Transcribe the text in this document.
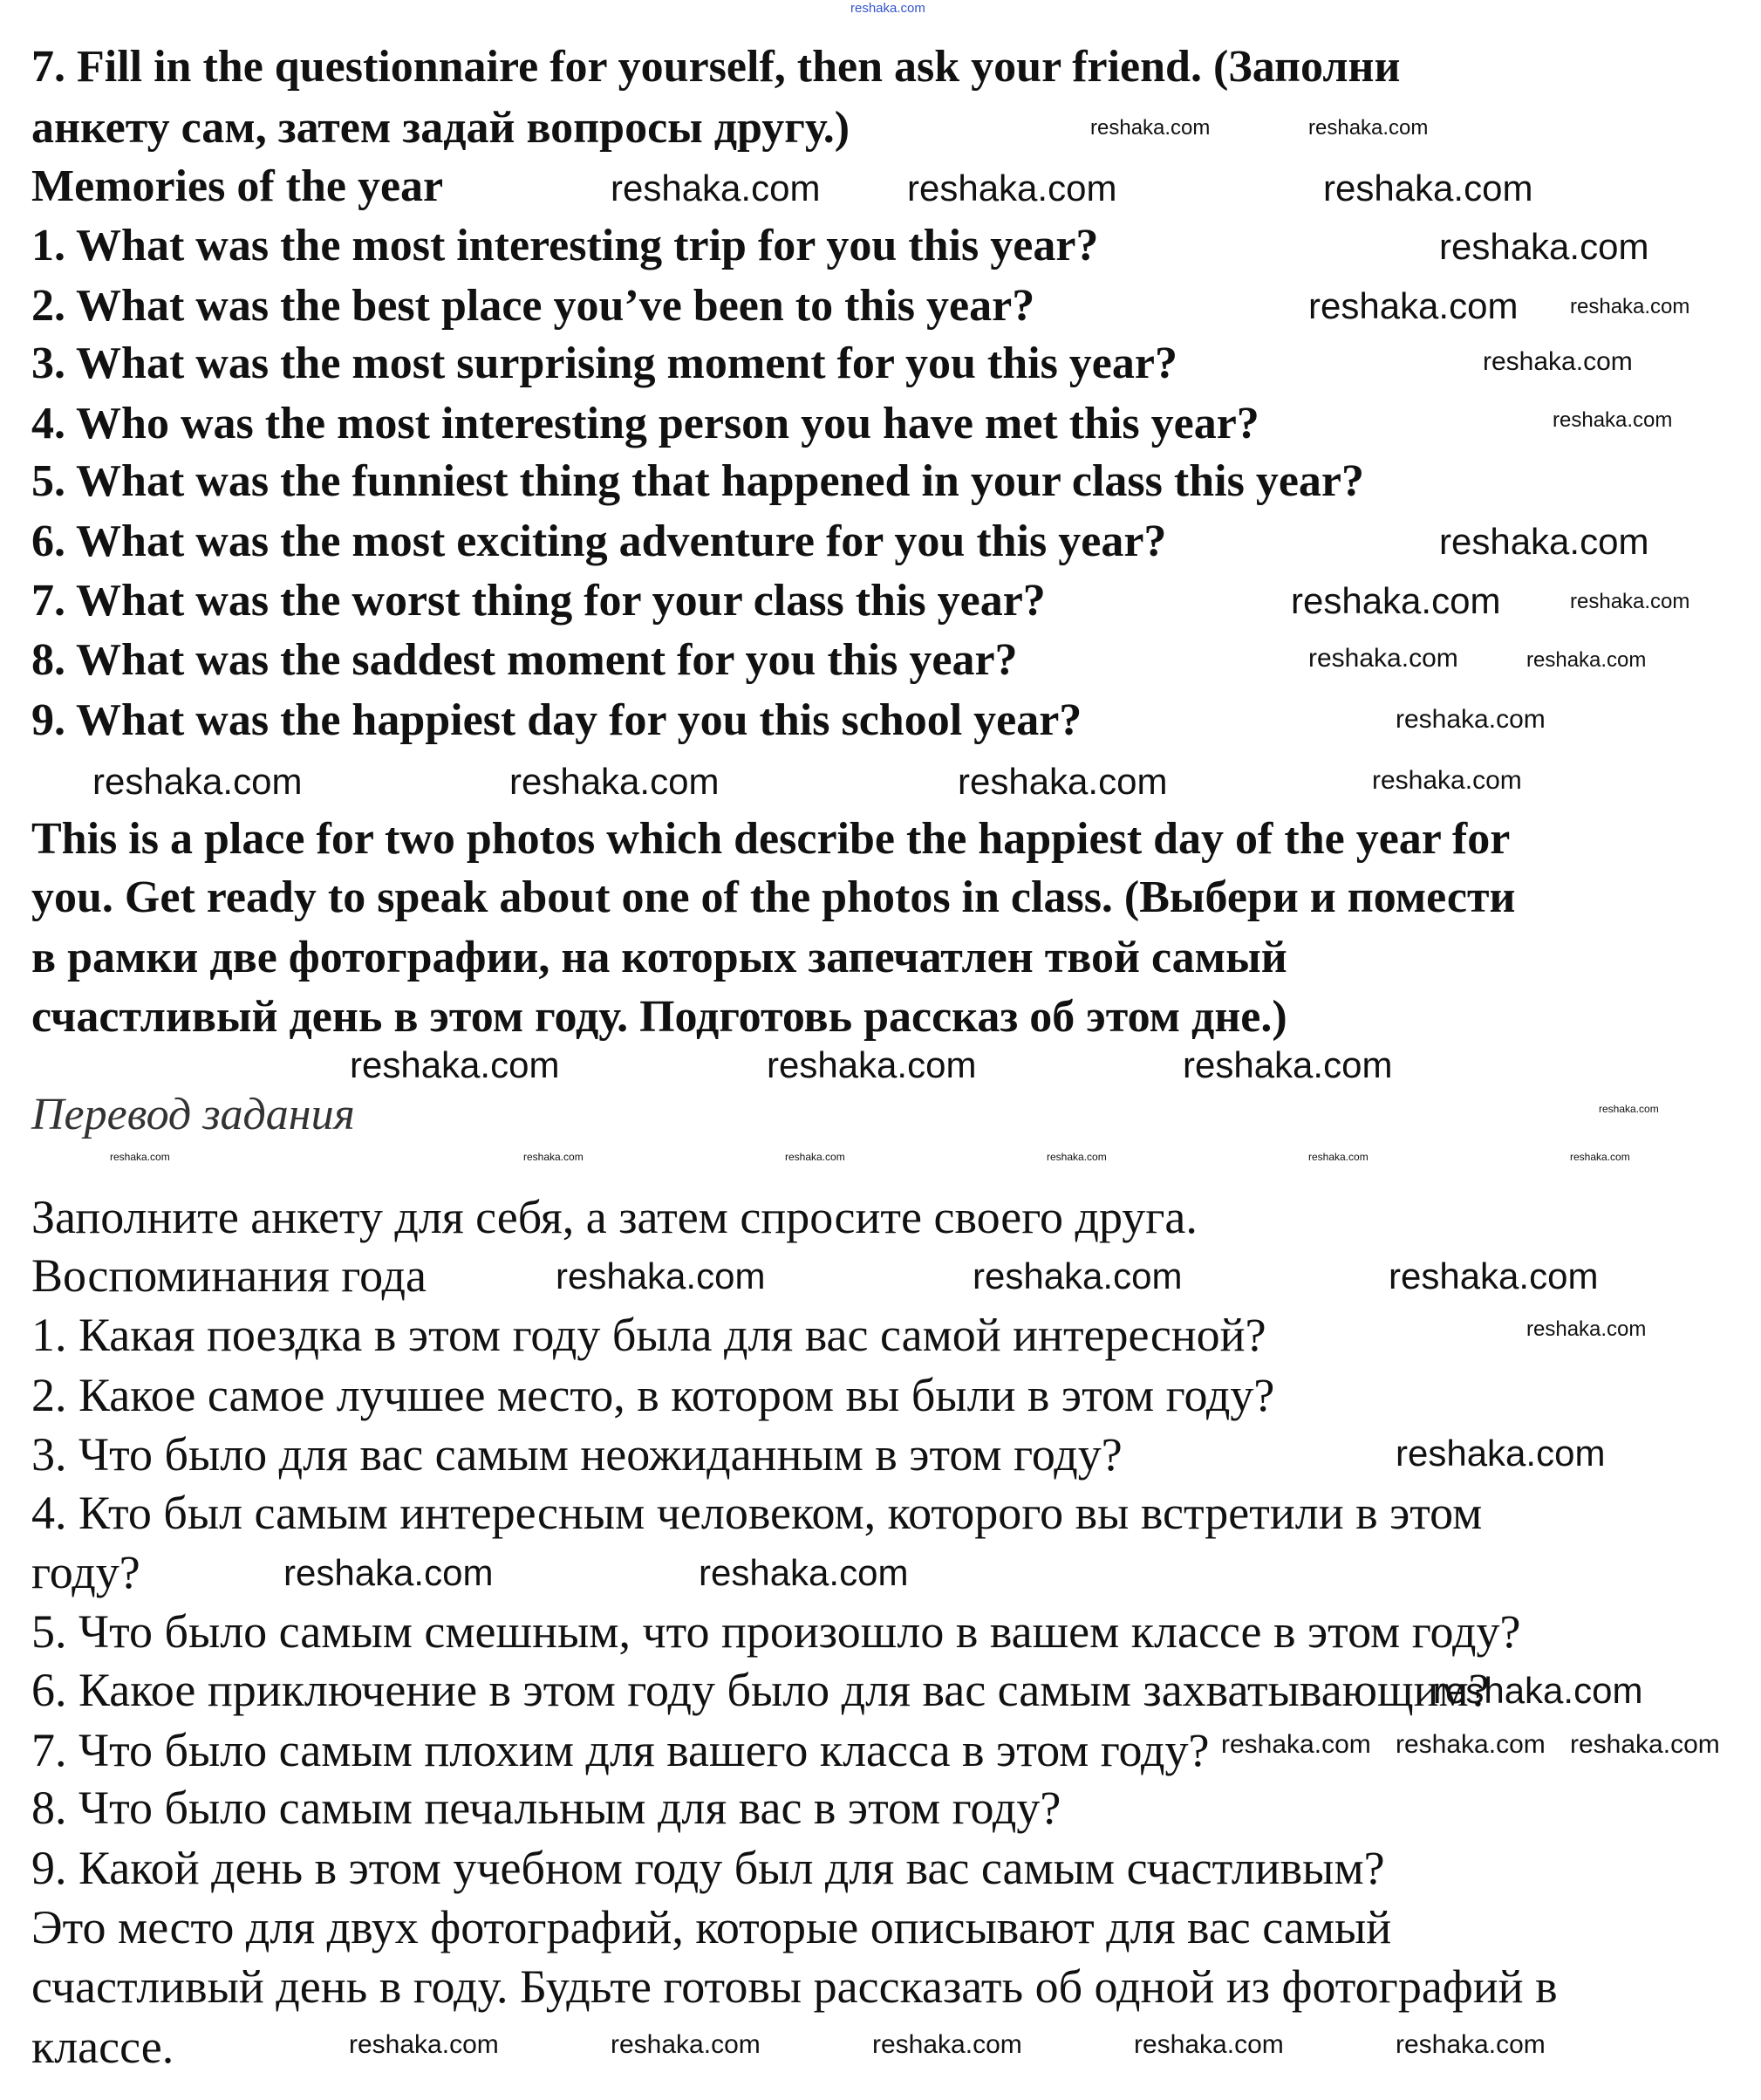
reshaka.com
7. Fill in the questionnaire for yourself, then ask your friend. (Заполни
анкету сам, затем задай вопросы другу.)
Memories of the year
1. What was the most interesting trip for you this year?
2. What was the best place you’ve been to this year?
3. What was the most surprising moment for you this year?
4. Who was the most interesting person you have met this year?
5. What was the funniest thing that happened in your class this year?
6. What was the most exciting adventure for you this year?
7. What was the worst thing for your class this year?
8. What was the saddest moment for you this year?
9. What was the happiest day for you this school year?
This is a place for two photos which describe the happiest day of the year for
you. Get ready to speak about one of the photos in class. (Выбери и помести
в рамки две фотографии, на которых запечатлен твой самый
счастливый день в этом году. Подготовь рассказ об этом дне.)
Перевод задания
Заполните анкету для себя, а затем спросите своего друга.
Воспоминания года
1. Какая поездка в этом году была для вас самой интересной?
2. Какое самое лучшее место, в котором вы были в этом году?
3. Что было для вас самым неожиданным в этом году?
4. Кто был самым интересным человеком, которого вы встретили в этом
году?
5. Что было самым смешным, что произошло в вашем классе в этом году?
6. Какое приключение в этом году было для вас самым захватывающим?
7. Что было самым плохим для вашего класса в этом году?
8. Что было самым печальным для вас в этом году?
9. Какой день в этом учебном году был для вас самым счастливым?
Это место для двух фотографий, которые описывают для вас самый
счастливый день в году. Будьте готовы рассказать об одной из фотографий в
классе.
reshaka.com reshaka.com	reshaka.com
reshaka.com
reshaka.com
reshaka.com
reshaka.com
reshaka.com	reshaka.com	reshaka.com	reshaka.com
reshaka.com	reshaka.com	reshaka.com
reshaka.com	reshaka.com	reshaka.com
reshaka.com
reshaka.com	reshaka.com
reshaka.com
reshaka.com	reshaka.com
reshaka.com
reshaka.com
reshaka.com
reshaka.com
reshaka.com	reshaka.com
reshaka.com
reshaka.com	reshaka.com	reshaka.com	reshaka.com	reshaka.com
reshaka.com
reshaka.com
reshaka.com
reshaka.com reshaka.com reshaka.com
reshaka.com	reshaka.com	reshaka.com	reshaka.com	reshaka.com
